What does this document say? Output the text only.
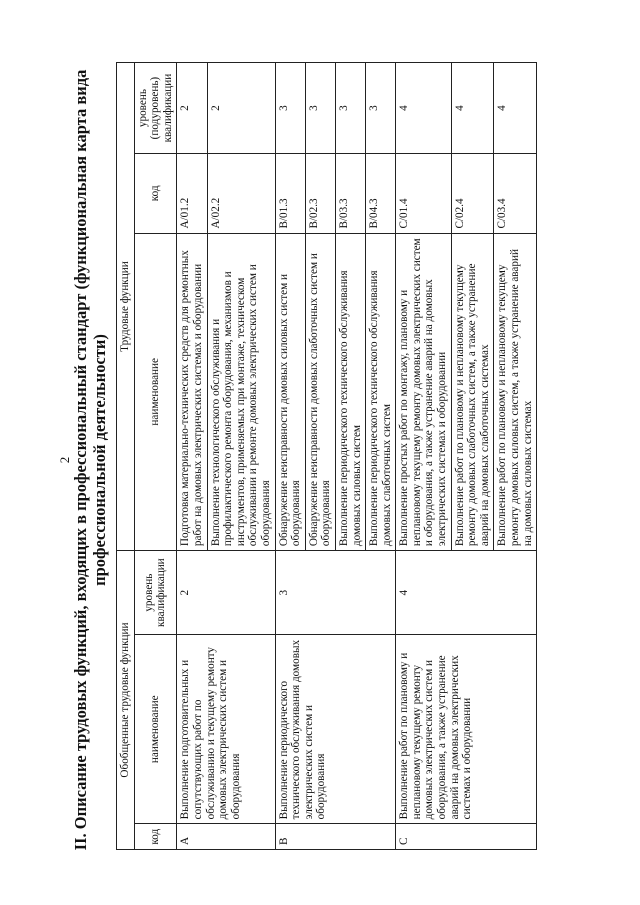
2 II. Описание трудовых функций, входящих в профессиональный стандарт (функциональная карта вида профессиональной деятельности)
Обобщенные трудовые функции			Трудовые функции		
код	наименование	уровень квалификации	наименование	код	уровень (подуровень) квалификации
A	Выполнение подготовительных и сопутствующих работ по обслуживанию и текущему ремонту домовых электрических систем и оборудования	2	Подготовка материально-технических средств для ремонтных работ на домовых электрических системах и оборудовании	A/01.2	2
			Выполнение технологического обслуживания и профилактического ремонта оборудования, механизмов и инструментов, применяемых при монтаже, техническом обслуживании и ремонте домовых электрических систем и оборудования	A/02.2	2
B	Выполнение периодического технического обслуживания домовых электрических систем и оборудования	3	Обнаружение неисправности домовых силовых систем и оборудования	B/01.3	3
			Обнаружение неисправности домовых слаботочных систем и оборудования	B/02.3	3
			Выполнение периодического технического обслуживания домовых силовых систем	B/03.3	3
			Выполнение периодического технического обслуживания домовых слаботочных систем	B/04.3	3
C	Выполнение работ по плановому и неплановому текущему ремонту домовых электрических систем и оборудования, а также устранение аварий на домовых электрических системах и оборудовании	4	Выполнение простых работ по монтажу, плановому и неплановому текущему ремонту домовых электрических систем и оборудования, а также устранение аварий на домовых электрических системах и оборудовании	C/01.4	4
			Выполнение работ по плановому и неплановому текущему ремонту домовых слаботочных систем, а также устранение аварий на домовых слаботочных системах	C/02.4	4
			Выполнение работ по плановому и неплановому текущему ремонту домовых силовых систем, а также устранение аварий на домовых силовых системах	C/03.4	4
